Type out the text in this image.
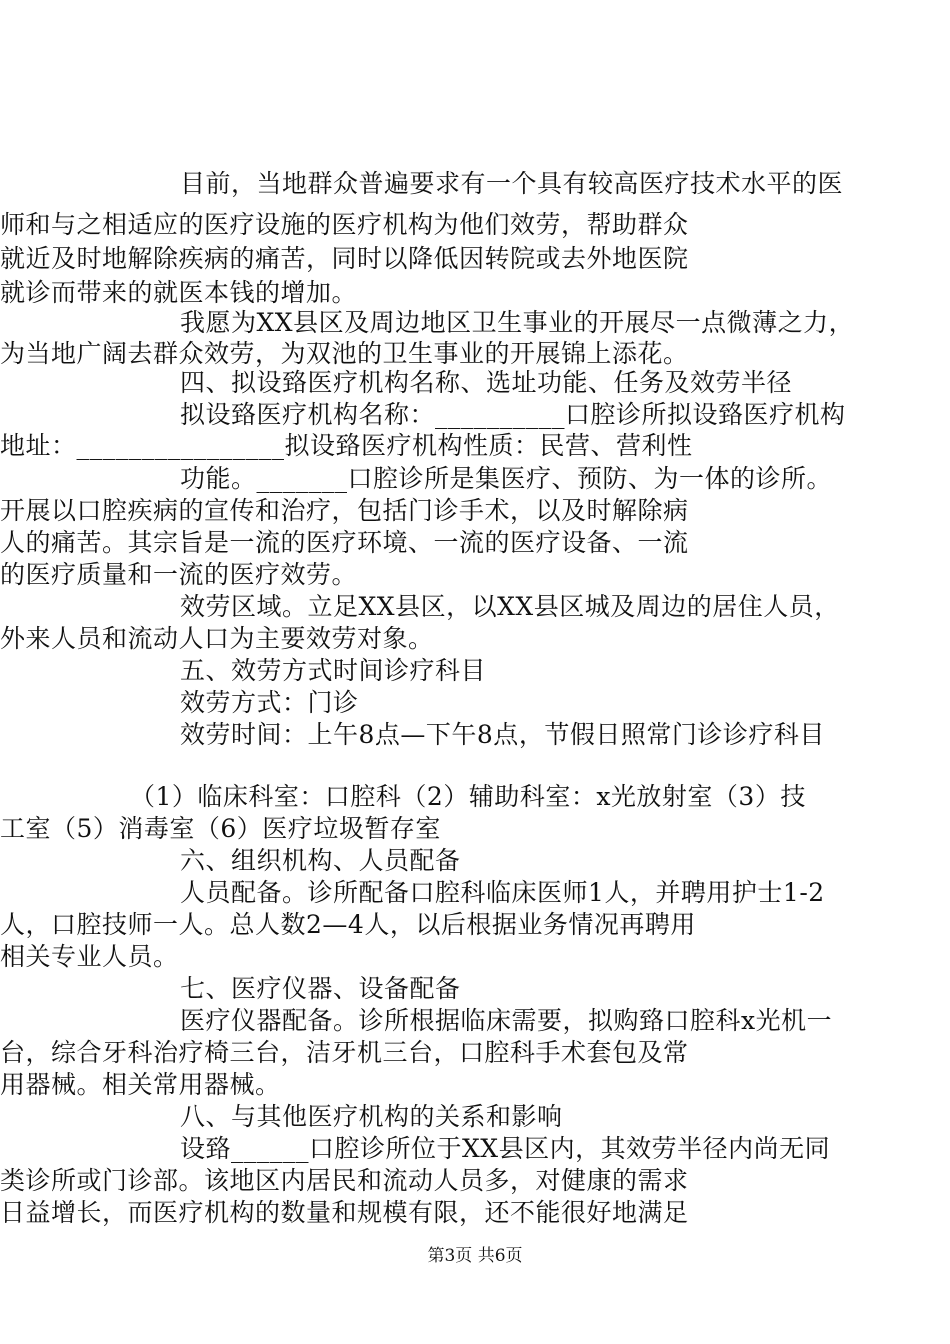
目前，当地群众普遍要求有一个具有较高医疗技术水平的医
师和与之相适应的医疗设施的医疗机构为他们效劳，帮助群众
就近及时地解除疾病的痛苦，同时以降低因转院或去外地医院
就诊而带来的就医本钱的增加。
我愿为XX县区及周边地区卫生事业的开展尽一点微薄之力，
为当地广阔去群众效劳，为双池的卫生事业的开展锦上添花。
四、拟设臵医疗机构名称、选址功能、任务及效劳半径
拟设臵医疗机构名称：__________口腔诊所拟设臵医疗机构
地址：________________拟设臵医疗机构性质：民营、营利性
功能。_______口腔诊所是集医疗、预防、为一体的诊所。
开展以口腔疾病的宣传和治疗，包括门诊手术，以及时解除病
人的痛苦。其宗旨是一流的医疗环境、一流的医疗设备、一流
的医疗质量和一流的医疗效劳。
效劳区域。立足XX县区，以XX县区城及周边的居住人员，
外来人员和流动人口为主要效劳对象。
五、效劳方式时间诊疗科目
效劳方式：门诊
效劳时间：上午8点—下午8点，节假日照常门诊诊疗科目
（1）临床科室：口腔科（2）辅助科室：x光放射室（3）技
工室（5）消毒室（6）医疗垃圾暂存室
六、组织机构、人员配备
人员配备。诊所配备口腔科临床医师1人，并聘用护士1-2
人，口腔技师一人。总人数2—4人，以后根据业务情况再聘用
相关专业人员。
七、医疗仪器、设备配备
医疗仪器配备。诊所根据临床需要，拟购臵口腔科x光机一
台，综合牙科治疗椅三台，洁牙机三台，口腔科手术套包及常
用器械。相关常用器械。
八、与其他医疗机构的关系和影响
设臵______口腔诊所位于XX县区内，其效劳半径内尚无同
类诊所或门诊部。该地区内居民和流动人员多，对健康的需求
日益增长，而医疗机构的数量和规模有限，还不能很好地满足
第3页 共6页
